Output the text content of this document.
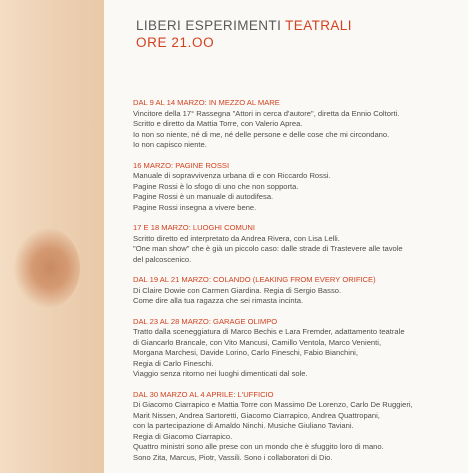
LIBERI ESPERIMENTI TEATRALI
ORE 21.OO
DAL 9 AL 14 MARZO: IN MEZZO AL MARE
Vincitore della 17° Rassegna "Attori in cerca d'autore", diretta da Ennio Coltorti.
Scritto e diretto da Mattia Torre, con Valerio Aprea.
Io non so niente, né di me, né delle persone e delle cose che mi circondano.
Io non capisco niente.
16 MARZO: PAGINE ROSSI
Manuale di sopravvivenza urbana di e con Riccardo Rossi.
Pagine Rossi è lo sfogo di uno che non sopporta.
Pagine Rossi è un manuale di autodifesa.
Pagine Rossi insegna a vivere bene.
17 E 18 MARZO: LUOGHI COMUNI
Scritto diretto ed interpretato da Andrea Rivera, con Lisa Lelli.
"One man show" che è già un piccolo caso: dalle strade di Trastevere alle tavole
del palcoscenico.
DAL 19 AL 21 MARZO: COLANDO (LEAKING FROM EVERY ORIFICE)
Di Claire Dowie con Carmen Giardina. Regia di Sergio Basso.
Come dire alla tua ragazza che sei rimasta incinta.
DAL 23 AL 28 MARZO: GARAGE OLIMPO
Tratto dalla sceneggiatura di Marco Bechis e Lara Fremder, adattamento teatrale
di Giancarlo Brancale, con Vito Mancusi, Camillo Ventola, Marco Venienti,
Morgana Marchesi, Davide Lorino, Carlo Fineschi, Fabio Bianchini,
Regia di Carlo Fineschi.
Viaggio senza ritorno nei luoghi dimenticati dal sole.
DAL 30 MARZO AL 4 APRILE: L'UFFICIO
Di Giacomo Ciarrapico e Mattia Torre con Massimo De Lorenzo, Carlo De Ruggieri,
Marit Nissen, Andrea Sartoretti, Giacomo Ciarrapico, Andrea Quattropani,
con la partecipazione di Amaldo Ninchi. Musiche Giuliano Taviani.
Regia di Giacomo Ciarrapico.
Quattro ministri sono alle prese con un mondo che è sfuggito loro di mano.
Sono Zita, Marcus, Piotr, Vassili. Sono i collaboratori di Dio.
